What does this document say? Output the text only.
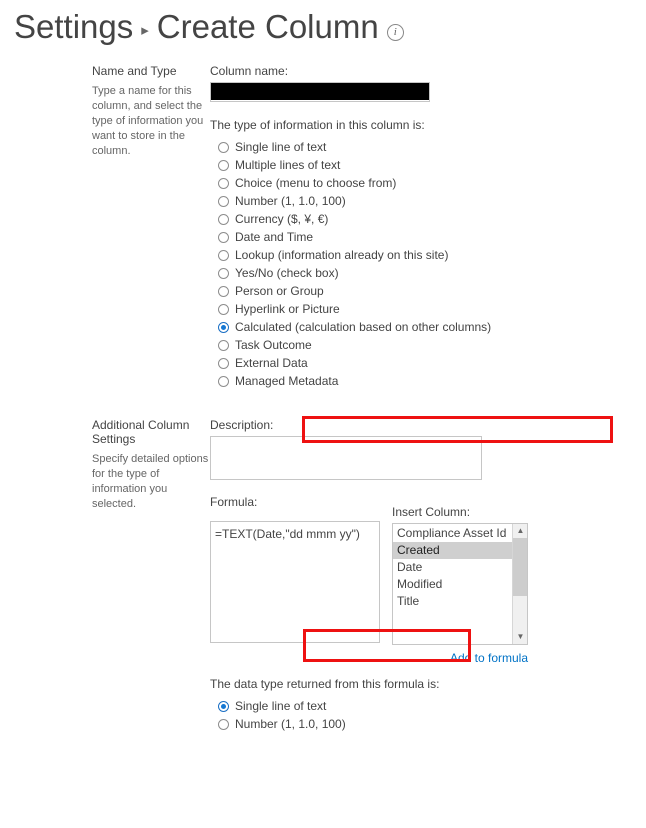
Settings ▸ Create Column	i
Name and Type
Type a name for this column, and select the type of information you want to store in the column.
Column name:
The type of information in this column is:
Single line of text
Multiple lines of text
Choice (menu to choose from)
Number (1, 1.0, 100)
Currency ($, ¥, €)
Date and Time
Lookup (information already on this site)
Yes/No (check box)
Person or Group
Hyperlink or Picture
Calculated (calculation based on other columns)
Task Outcome
External Data
Managed Metadata
Additional Column Settings
Specify detailed options for the type of information you selected.
Description:
Formula:
=TEXT(Date,"dd mmm yy")
Insert Column:
Compliance Asset Id
Created
Date
Modified
Title
▲
▼
Add to formula
The data type returned from this formula is:
Single line of text
Number (1, 1.0, 100)
